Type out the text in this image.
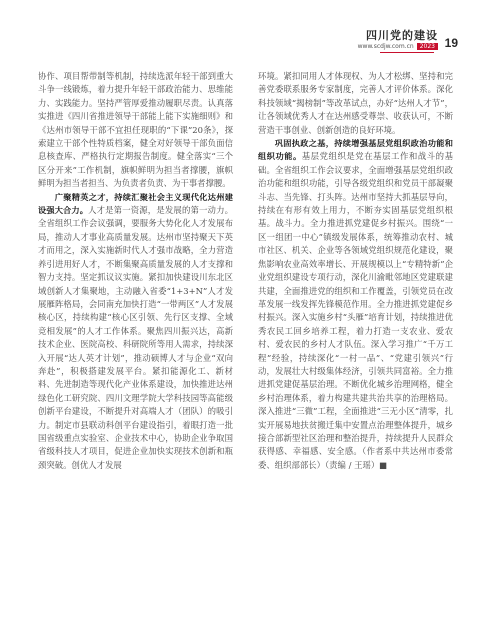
四川党的建设
www.scdjw.com.cn 2023 19

协作、项目帮带制等机制，持续选派年轻干部到重大斗争一线锻炼，着力提升年轻干部政治能力、思维能力、实践能力。坚持严管厚爱推动履职尽责。认真落实推进《四川省推进领导干部能上能下实施细则》和《达州市领导干部不宜担任现职的“下课”20条》，探索建立干部个性特质档案，健全对好领导干部负面信息核查库、严格执行定期报告制度。健全落实“三个区分开来”工作机制，旗帜鲜明为担当者撑腰，旗帜鲜明为担当者担当、为负责者负责、为干事者撑腰。

广聚精英之才，持续汇聚社会主义现代化达州建设强大合力。人才是第一资源，是发展的第一动力。全省组织工作会议强调，要服务大势化化人才发展布局，推动人才事业高质量发展。达州市坚持聚天下英才而用之，深入实施新时代人才强市战略，全力营造养引进用好人才，不断集聚高质量发展的人才支撑和智力支持。坚定抓议议实施。紧扣加快建设川东北区域创新人才集聚地，主动融入省委“1+3+N”人才发展雁阵格局，会同南充加快打造“一带两区”人才发展核心区，持续构建“核心区引领、先行区支撑、全域竞相发展”的人才工作体系。聚焦四川振兴达，高新技术企业、医院高校、科研院所等用人需求，持续深入开展“达人英才计划”，推动硕博人才与企业“双向奔赴”，积极搭建发展平台。紧扣能源化工、新材料、先进制造等现代化产业体系建设，加快推进达州绿色化工研究院、四川文理学院大学科技园等高能级创新平台建设，不断提升对高端人才（团队）的吸引力。制定市县联动科创平台建设指引，着眼打造一批国省级重点实验室、企业技术中心，协助企业争取国省级科技人才项目，促进企业加快实现技术创新和瓶颈突破。创优人才发展

环境。紧扣同用人才体现权、为人才松绑、坚持和完善党委联系服务专家制度，完善人才评价体系。深化科技领域“揭榜制”等改革试点，办好“达州人才节”，让各领域优秀人才在达州感受尊崇、收获认可，不断营造干事创业、创新创造的良好环境。

巩固执政之基，持续增强基层党组织政治功能和组织功能。基层党组织是党在基层工作和战斗的基础。全省组织工作会议要求，全面增强基层党组织政治功能和组织功能，引导各级党组织和党员干部凝聚斗志、当先锋、打头阵。达州市坚持大抓基层导向，持续在有形有效上用力，不断夯实固基层党组织根基。战斗力。全力推进抓党建促乡村振兴。围绕“一区一组团一中心”镇级发展体系，统筹推动农村、城市社区、机关、企业等各领域党组织规范化建设，聚焦影响农业高效率增长、开展规模以上“专精特新”企业党组织建设专项行动，深化川渝毗邻地区党建联建共建，全面推进党的组织和工作覆盖，引领党员在改革发展一线发挥先锋模范作用。全力推进抓党建促乡村振兴。深入实施乡村“头雁”培育计划，持续推进优秀农民工回乡培养工程，着力打造一支农业、爱农村、爱农民的乡村人才队伍。深入学习推广“千万工程”经验，持续深化“一村一品”、“党建引领兴”行动，发展壮大村级集体经济，引领共同富裕。全力推进抓党建促基层治理。不断优化城乡治理网格，健全乡村治理体系，着力构建共建共治共享的治理格局。深入推进“三微”工程，全面推进“三无小区”清零，扎实开展易地扶贫搬迁集中安置点治理整体提升，城乡接合部新型社区治理和整治提升，持续提升人民群众获得感、幸福感、安全感。（作者系中共达州市委常委、组织部部长）（责编 / 王瑶）■
